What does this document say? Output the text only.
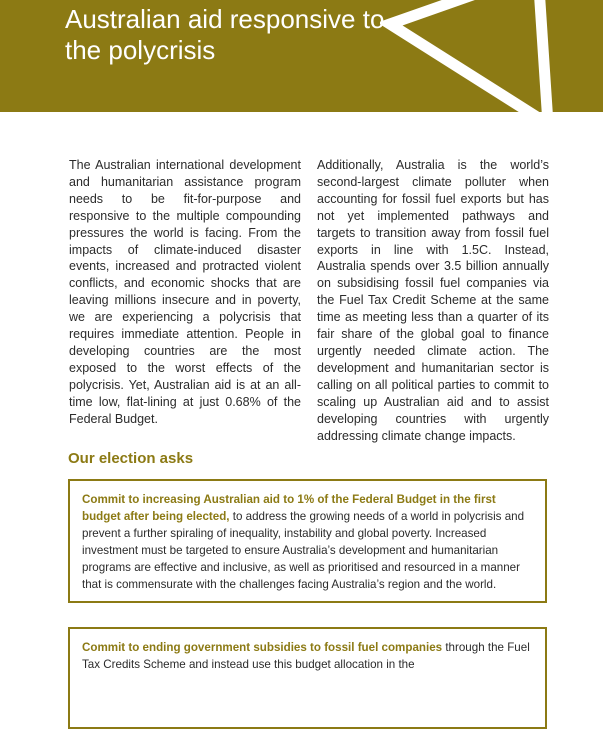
Australian aid responsive to the polycrisis

The Australian international development and humanitarian assistance program needs to be fit-for-purpose and responsive to the multiple compounding pressures the world is facing. From the impacts of climate-induced disaster events, increased and protracted violent conflicts, and economic shocks that are leaving millions insecure and in poverty, we are experiencing a polycrisis that requires immediate attention. People in developing countries are the most exposed to the worst effects of the polycrisis. Yet, Australian aid is at an all-time low, flat-lining at just 0.68% of the Federal Budget.

Additionally, Australia is the world’s second-largest climate polluter when accounting for fossil fuel exports but has not yet implemented pathways and targets to transition away from fossil fuel exports in line with 1.5C. Instead, Australia spends over 3.5 billion annually on subsidising fossil fuel companies via the Fuel Tax Credit Scheme at the same time as meeting less than a quarter of its fair share of the global goal to finance urgently needed climate action. The development and humanitarian sector is calling on all political parties to commit to scaling up Australian aid and to assist developing countries with urgently addressing climate change impacts.

Our election asks
Commit to increasing Australian aid to 1% of the Federal Budget in the first budget after being elected, to address the growing needs of a world in polycrisis and prevent a further spiraling of inequality, instability and global poverty. Increased investment must be targeted to ensure Australia’s development and humanitarian programs are effective and inclusive, as well as prioritised and resourced in a manner that is commensurate with the challenges facing Australia’s region and the world.
Commit to ending government subsidies to fossil fuel companies through the Fuel Tax Credits Scheme and instead use this budget allocation in the
